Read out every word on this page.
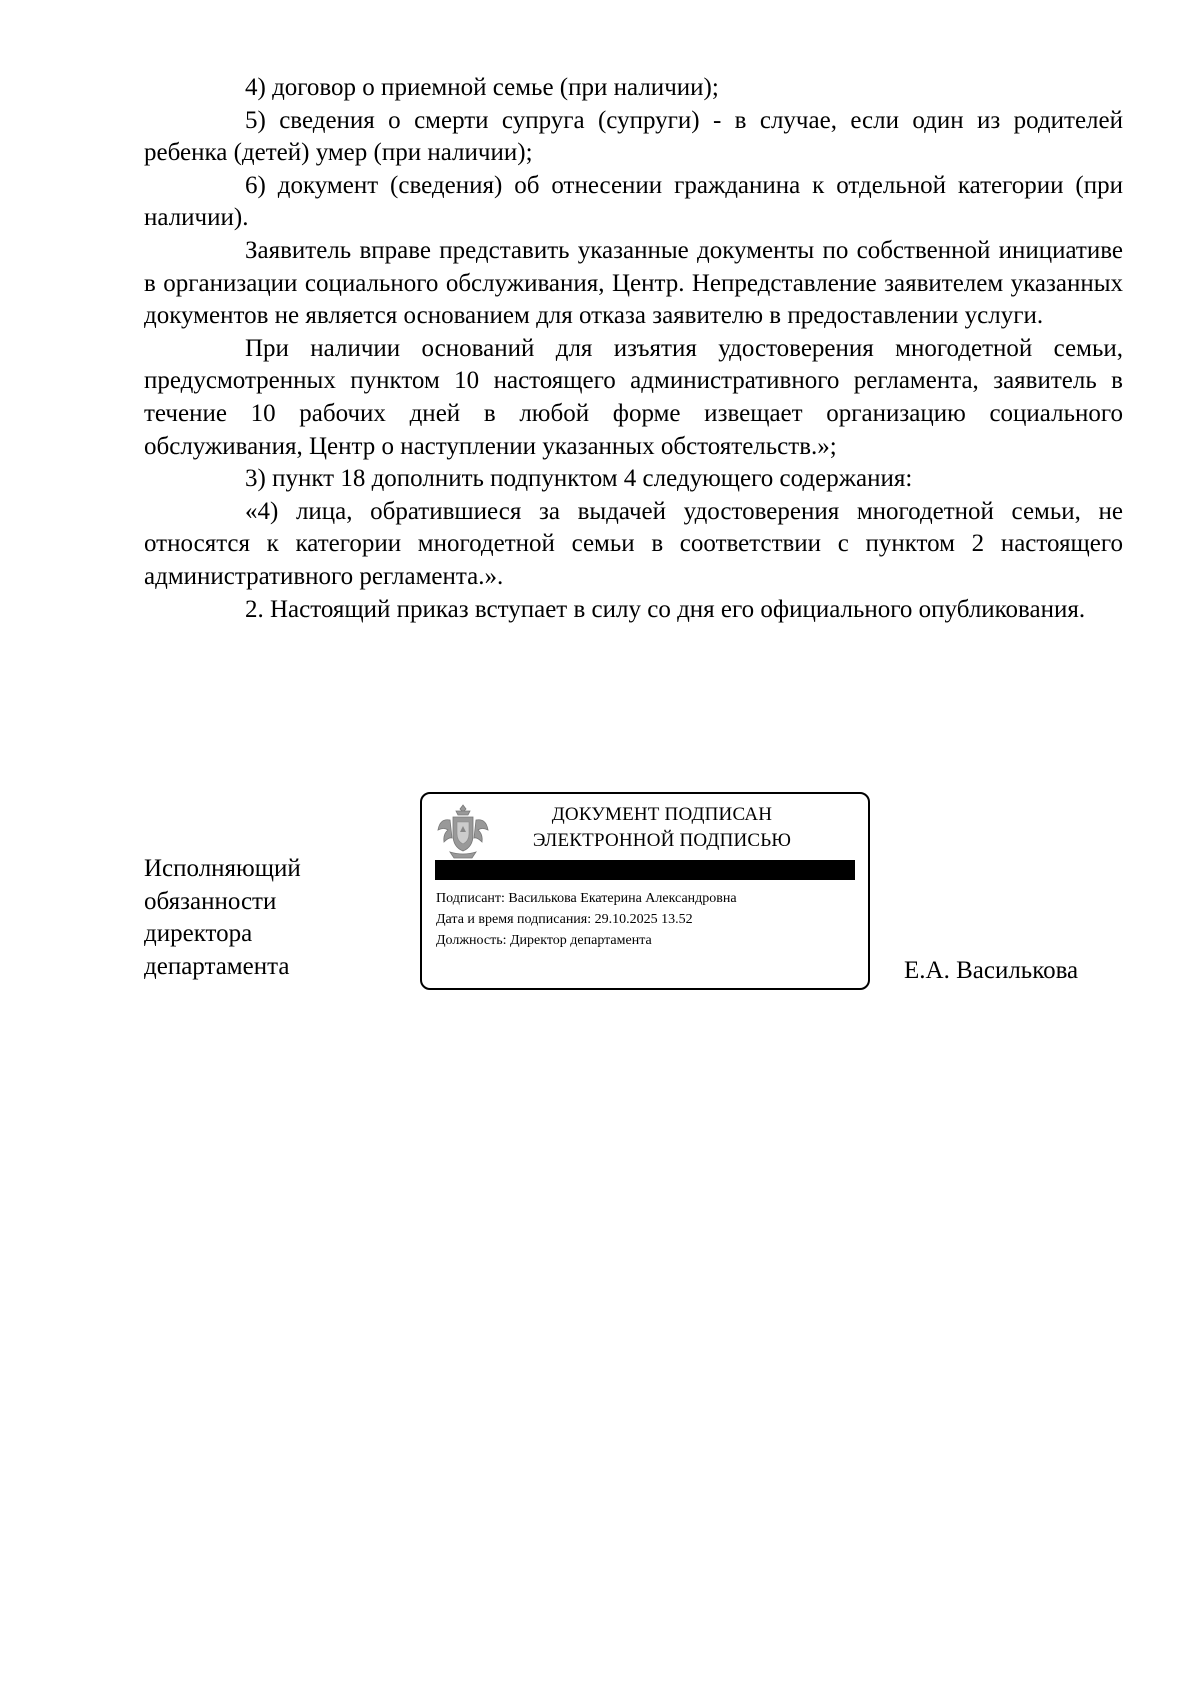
4) договор о приемной семье (при наличии);

5) сведения о смерти супруга (супруги) - в случае, если один из родителей ребенка (детей) умер (при наличии);

6) документ (сведения) об отнесении гражданина к отдельной категории (при наличии).

Заявитель вправе представить указанные документы по собственной инициативе в организации социального обслуживания, Центр. Непредставление заявителем указанных документов не является основанием для отказа заявителю в предоставлении услуги.

При наличии оснований для изъятия удостоверения многодетной семьи, предусмотренных пунктом 10 настоящего административного регламента, заявитель в течение 10 рабочих дней в любой форме извещает организацию социального обслуживания, Центр о наступлении указанных обстоятельств.»;

3) пункт 18 дополнить подпунктом 4 следующего содержания:

«4) лица, обратившиеся за выдачей удостоверения многодетной семьи, не относятся к категории многодетной семьи в соответствии с пунктом 2 настоящего административного регламента.».

2. Настоящий приказ вступает в силу со дня его официального опубликования.

Исполняющий
обязанности
директора
департамента
ДОКУМЕНТ ПОДПИСАН
ЭЛЕКТРОННОЙ ПОДПИСЬЮ
Подписант: Василькова Екатерина Александровна
Дата и время подписания: 29.10.2025 13.52
Должность: Директор департамента
Е.А. Василькова
